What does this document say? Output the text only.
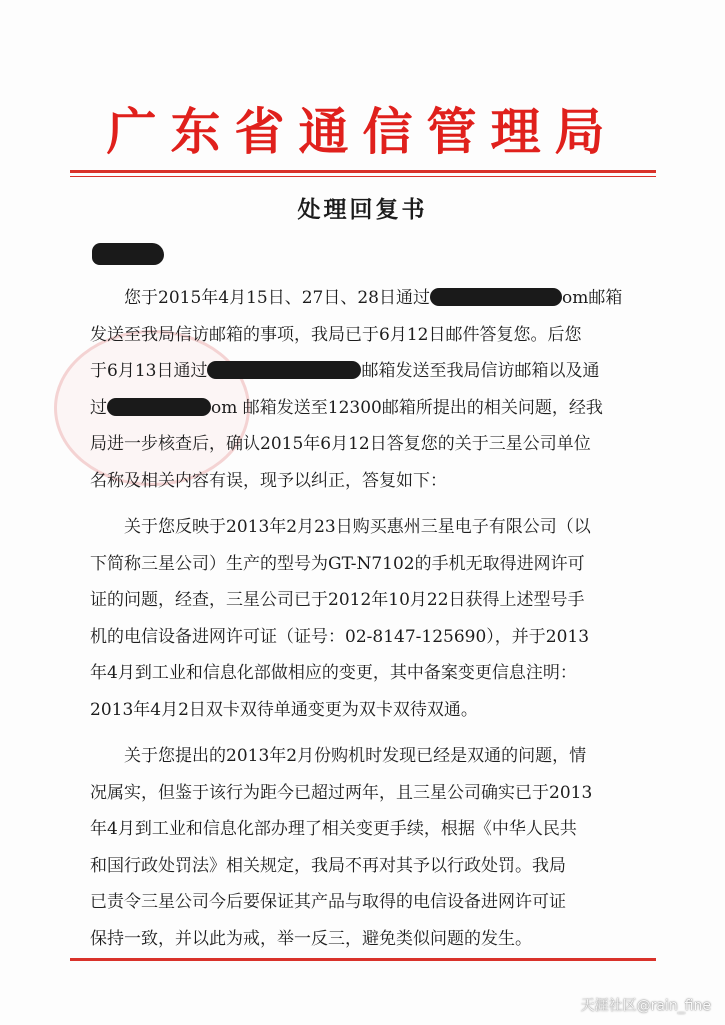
广东省通信管理局
处理回复书
您于2015年4月15日、27日、28日通过	om邮箱
发送至我局信访邮箱的事项，我局已于6月12日邮件答复您。后您
于6月13日通过	邮箱发送至我局信访邮箱以及通
过	om 邮箱发送至12300邮箱所提出的相关问题，经我
局进一步核查后，确认2015年6月12日答复您的关于三星公司单位
名称及相关内容有误，现予以纠正，答复如下：
关于您反映于2013年2月23日购买惠州三星电子有限公司（以
下简称三星公司）生产的型号为GT-N7102的手机无取得进网许可
证的问题，经查，三星公司已于2012年10月22日获得上述型号手
机的电信设备进网许可证（证号：02-8147-125690），并于2013
年4月到工业和信息化部做相应的变更，其中备案变更信息注明：
2013年4月2日双卡双待单通变更为双卡双待双通。
关于您提出的2013年2月份购机时发现已经是双通的问题，情
况属实，但鉴于该行为距今已超过两年，且三星公司确实已于2013
年4月到工业和信息化部办理了相关变更手续，根据《中华人民共
和国行政处罚法》相关规定，我局不再对其予以行政处罚。我局
已责令三星公司今后要保证其产品与取得的电信设备进网许可证
保持一致，并以此为戒，举一反三，避免类似问题的发生。
天涯社区@rain_fine
